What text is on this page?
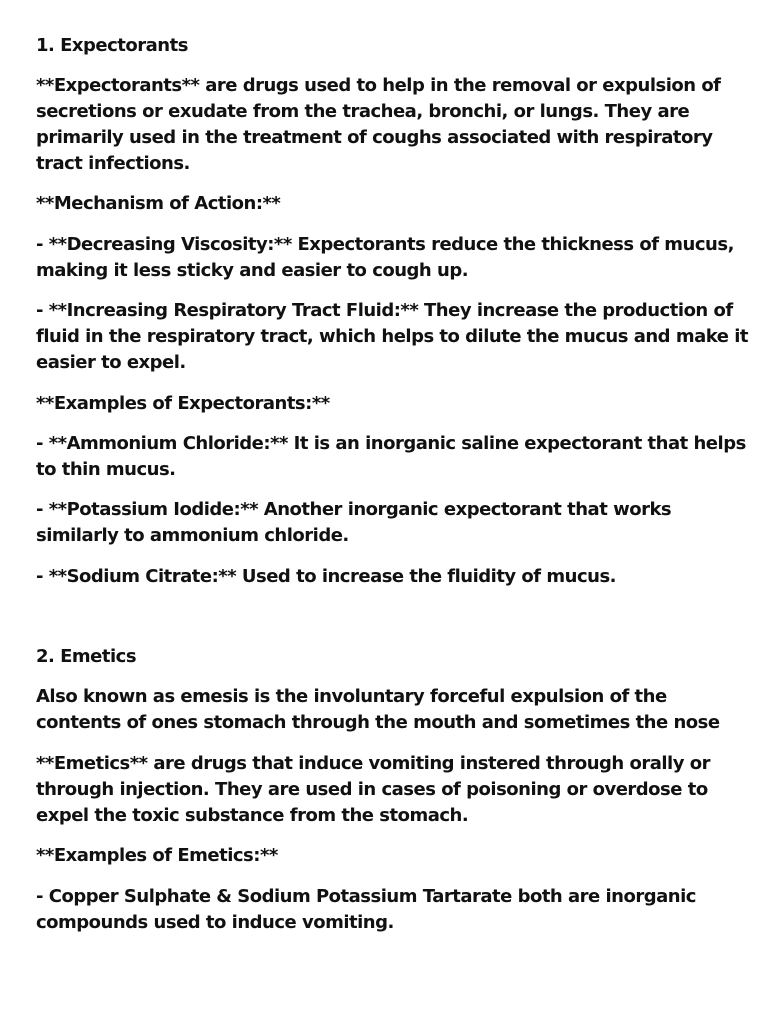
1. Expectorants

**Expectorants** are drugs used to help in the removal or expulsion of

secretions or exudate from the trachea, bronchi, or lungs. They are

primarily used in the treatment of coughs associated with respiratory

tract infections.

**Mechanism of Action:**

- **Decreasing Viscosity:** Expectorants reduce the thickness of mucus,

making it less sticky and easier to cough up.

- **Increasing Respiratory Tract Fluid:** They increase the production of

fluid in the respiratory tract, which helps to dilute the mucus and make it

easier to expel.

**Examples of Expectorants:**

- **Ammonium Chloride:** It is an inorganic saline expectorant that helps

to thin mucus.

- **Potassium Iodide:** Another inorganic expectorant that works

similarly to ammonium chloride.

- **Sodium Citrate:** Used to increase the fluidity of mucus.

2. Emetics

Also known as emesis is the involuntary forceful expulsion of the

contents of ones stomach through the mouth and sometimes the nose

**Emetics** are drugs that induce vomiting instered through orally or

through injection. They are used in cases of poisoning or overdose to

expel the toxic substance from the stomach.

**Examples of Emetics:**

- Copper Sulphate & Sodium Potassium Tartarate both are inorganic

compounds used to induce vomiting.
